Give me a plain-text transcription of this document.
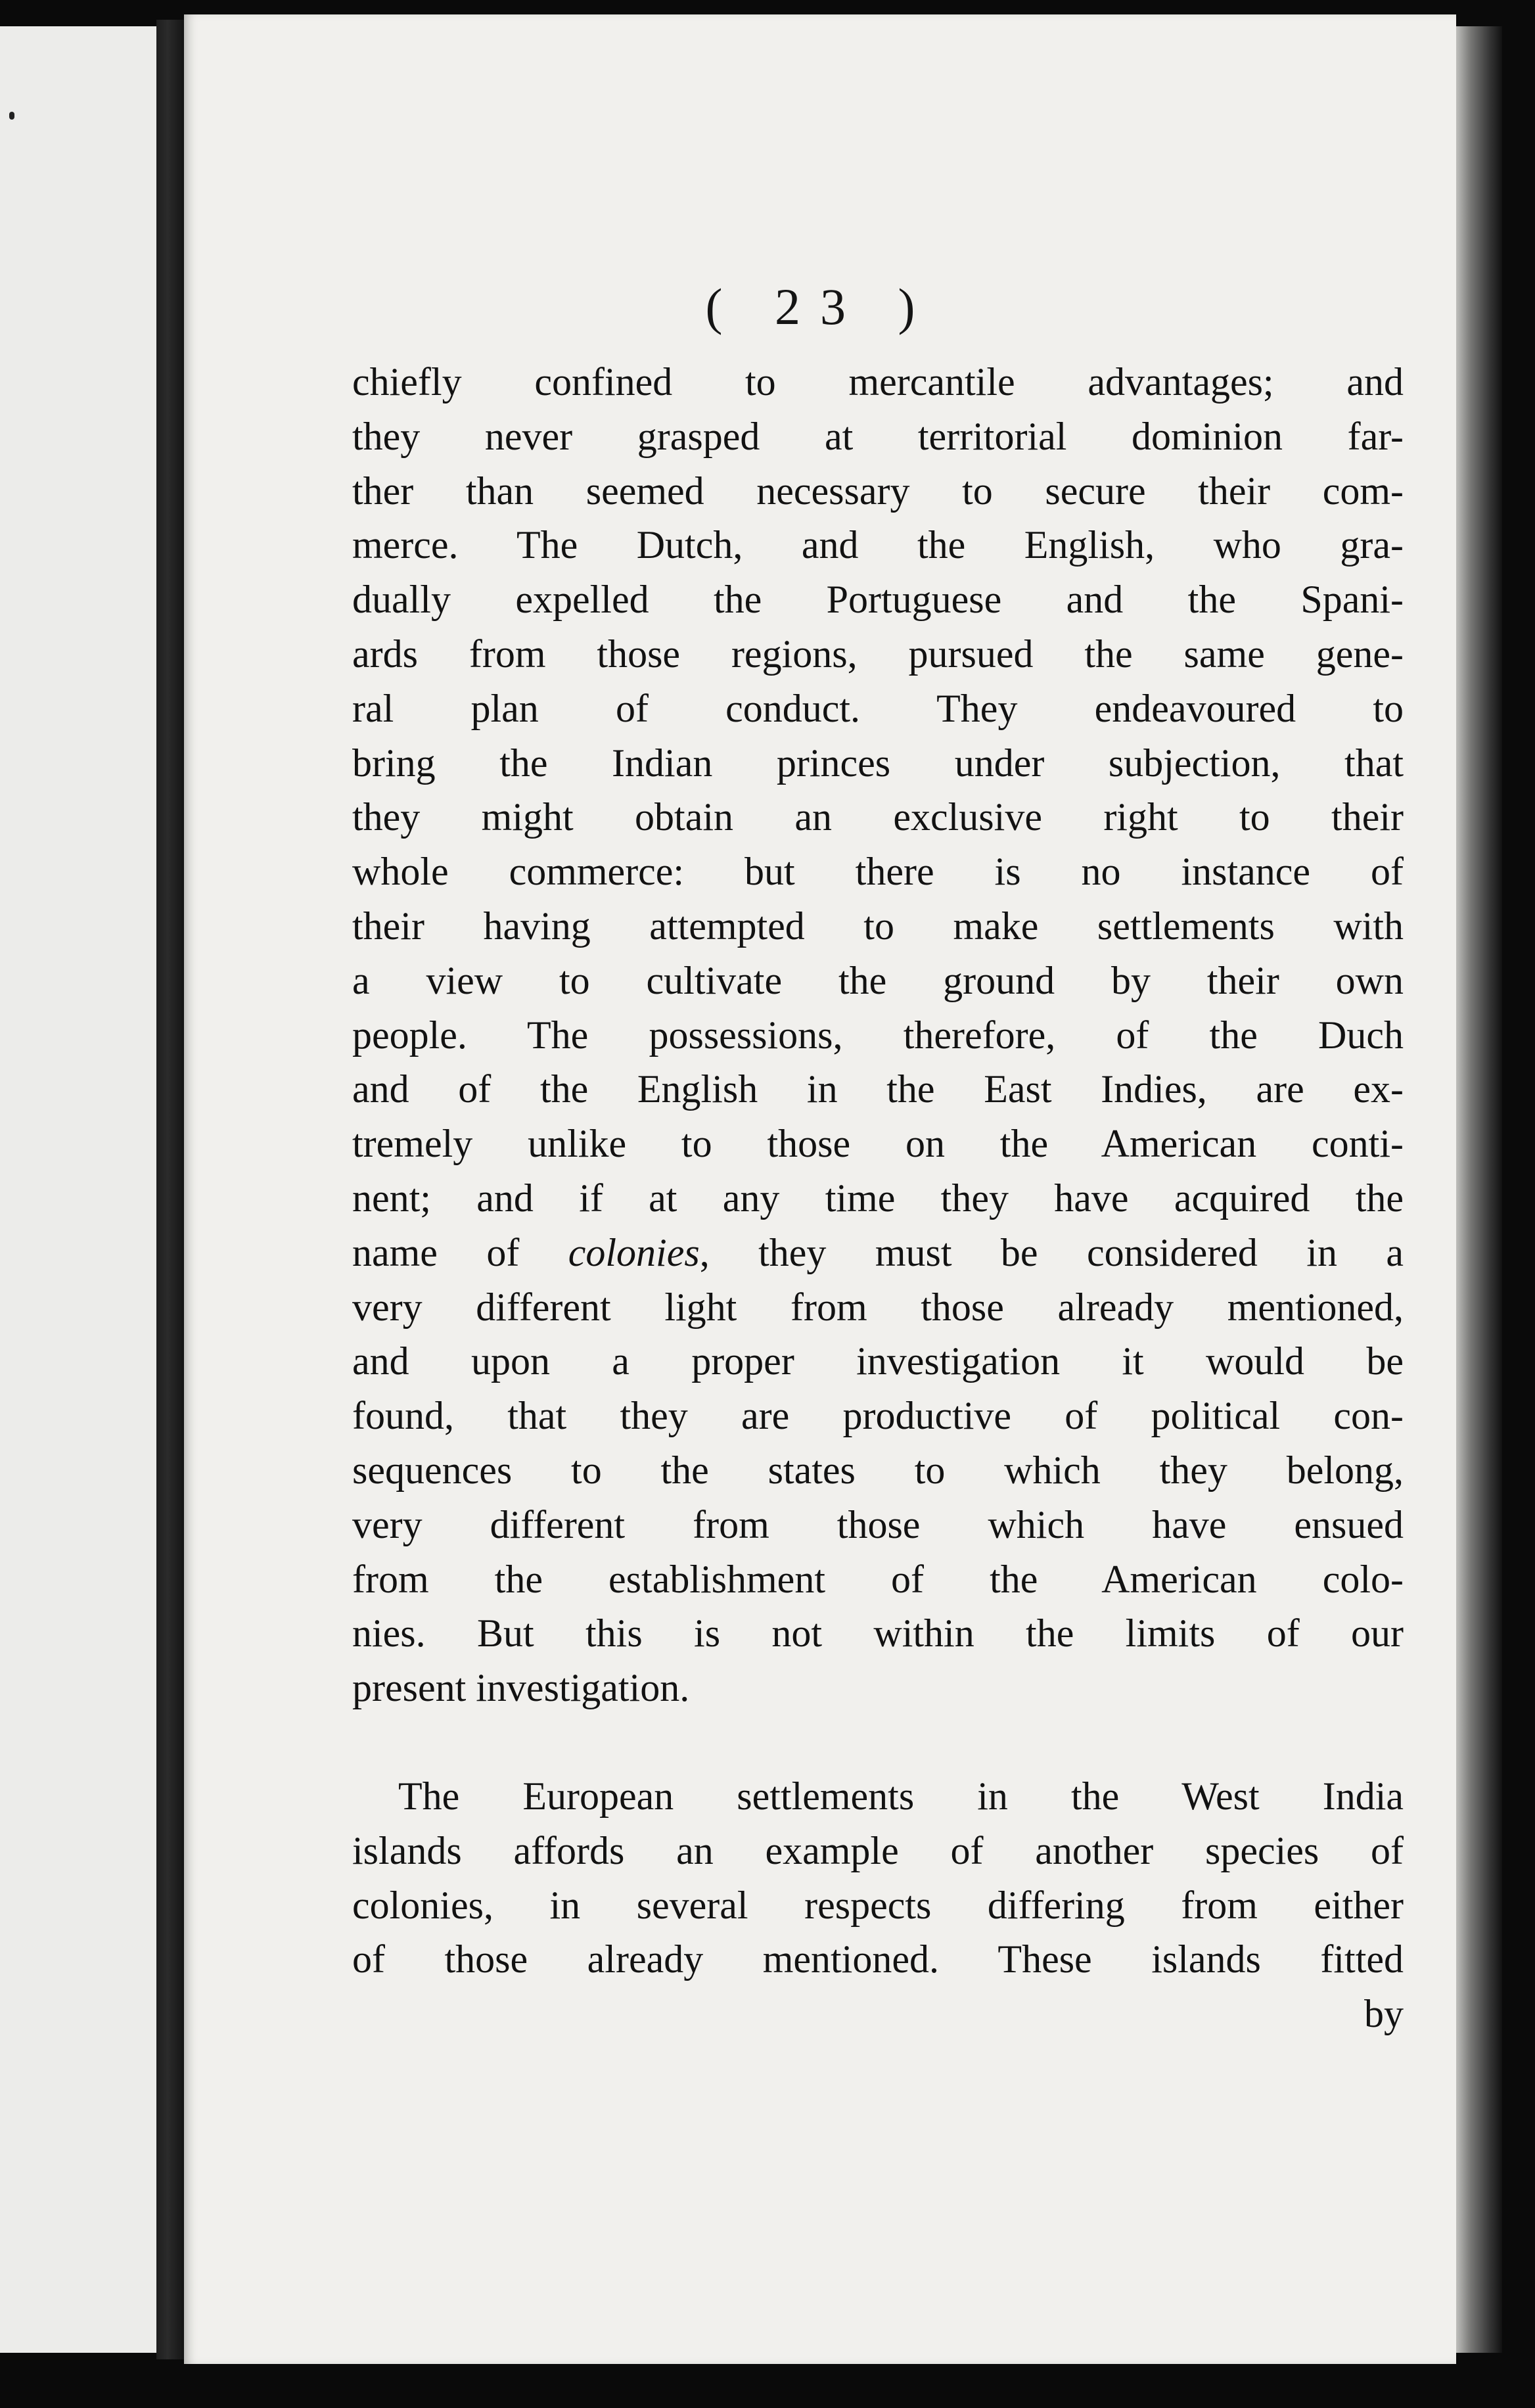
( 23 )
chiefly confined to mercantile advantages; and
they never grasped at territorial dominion far-
ther than seemed necessary to secure their com-
merce. The Dutch, and the English, who gra-
dually expelled the Portuguese and the Spani-
ards from those regions, pursued the same gene-
ral plan of conduct. They endeavoured to
bring the Indian princes under subjection, that
they might obtain an exclusive right to their
whole commerce: but there is no instance of
their having attempted to make settlements with
a view to cultivate the ground by their own
people. The possessions, therefore, of the Duch
and of the English in the East Indies, are ex-
tremely unlike to those on the American conti-
nent; and if at any time they have acquired the
name of colonies, they must be considered in a
very different light from those already mentioned,
and upon a proper investigation it would be
found, that they are productive of political con-
sequences to the states to which they belong,
very different from those which have ensued
from the establishment of the American colo-
nies. But this is not within the limits of our
present investigation.
The European settlements in the West India
islands affords an example of another species of
colonies, in several respects differing from either
of those already mentioned. These islands fitted
by
